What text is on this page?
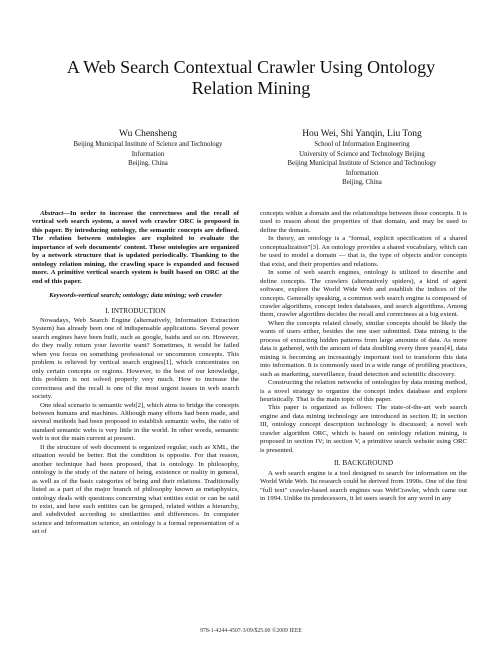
A Web Search Contextual Crawler Using Ontology
Relation Mining
Wu Chensheng
Beijing Municipal Institute of Science and Technology
Information
Beijing, China
Hou Wei, Shi Yanqin, Liu Tong
School of Information Engineering
University of Science and Technology Beijing
Beijing Municipal Institute of Science and Technology
Information
Beijing, China

Abstract—In order to increase the correctness and the recall of vertical web search system, a novel web crawler ORC is proposed in this paper. By introducing ontology, the semantic concepts are defined. The relation between ontologies are exploited to evaluate the importance of web documents' content. These ontologies are organized by a network structure that is updated periodically. Thanking to the ontology relation mining, the crawling space is expanded and focused more. A primitive vertical search system is built based on ORC at the end of this paper.

Keywords-vertical search; ontology; data mining; web crawler

I. INTRODUCTION

Nowadays, Web Search Engine (alternatively, Information Extraction System) has already been one of indispensable applications. Several power search engines have been built, such as google, baidu and so on. However, do they really return your favorite want? Sometimes, it would be failed when you focus on something professional or uncommon concepts. This problem is relieved by vertical search engines[1], which concentrates on only certain concepts or regions. However, to the best of our knowledge, this problem is not solved properly very much. How to increase the correctness and the recall is one of the most urgent issues in web search society.

One ideal scenario is semantic web[2], which aims to bridge the concepts between humans and machines. Although many efforts had been made, and several methods had been proposed to establish semantic webs, the ratio of standard semantic webs is very little in the world. In other words, semantic web is not the main current at present.

If the structure of web document is organized regular, such as XML, the situation would be better. But the condition is opposite. For that reason, another technique had been proposed, that is ontology. In philosophy, ontology is the study of the nature of being, existence or reality in general, as well as of the basic categories of being and their relations. Traditionally listed as a part of the major branch of philosophy known as metaphysics, ontology deals with questions concerning what entities exist or can be said to exist, and how such entities can be grouped, related within a hierarchy, and subdivided according to similarities and differences. In computer science and information science, an ontology is a formal representation of a set of

concepts within a domain and the relationships between those concepts. It is used to reason about the properties of that domain, and may be used to define the domain.

In theory, an ontology is a "formal, explicit specification of a shared conceptualization"[3]. An ontology provides a shared vocabulary, which can be used to model a domain — that is, the type of objects and/or concepts that exist, and their properties and relations.

In some of web search engines, ontology is utilized to describe and define concepts. The crawlers (alternatively spiders), a kind of agent software, explore the World Wide Web and establish the indices of the concepts. Generally speaking, a common web search engine is composed of crawler algorithms, concept index databases, and search algorithms. Among them, crawler algorithm decides the recall and correctness at a big extent.

When the concepts related closely, similar concepts should be likely the wants of users either, besides the one user submitted. Data mining is the process of extracting hidden patterns from large amounts of data. As more data is gathered, with the amount of data doubling every three years[4], data mining is becoming an increasingly important tool to transform this data into information. It is commonly used in a wide range of profiling practices, such as marketing, surveillance, fraud detection and scientific discovery.

Constructing the relation networks of ontologies by data mining method, is a novel strategy to organize the concept index database and explore heuristically. That is the main topic of this paper.

This paper is organized as follows: The state-of-the-art web search engine and data mining technology are introduced in section II; in section III, ontology concept description technology is discussed; a novel web crawler algorithm ORC, which is based on ontology relation mining, is proposed in section IV; in section V, a primitive search website using ORC is presented.

II. BACKGROUND

A web search engine is a tool designed to search for information on the World Wide Web. Its research could be derived from 1990s. One of the first "full text" crawler-based search engines was WebCrawler, which came out in 1994. Unlike its predecessors, it let users search for any word in any

978-1-4244-4507-3/09/$25.00 ©2009 IEEE
